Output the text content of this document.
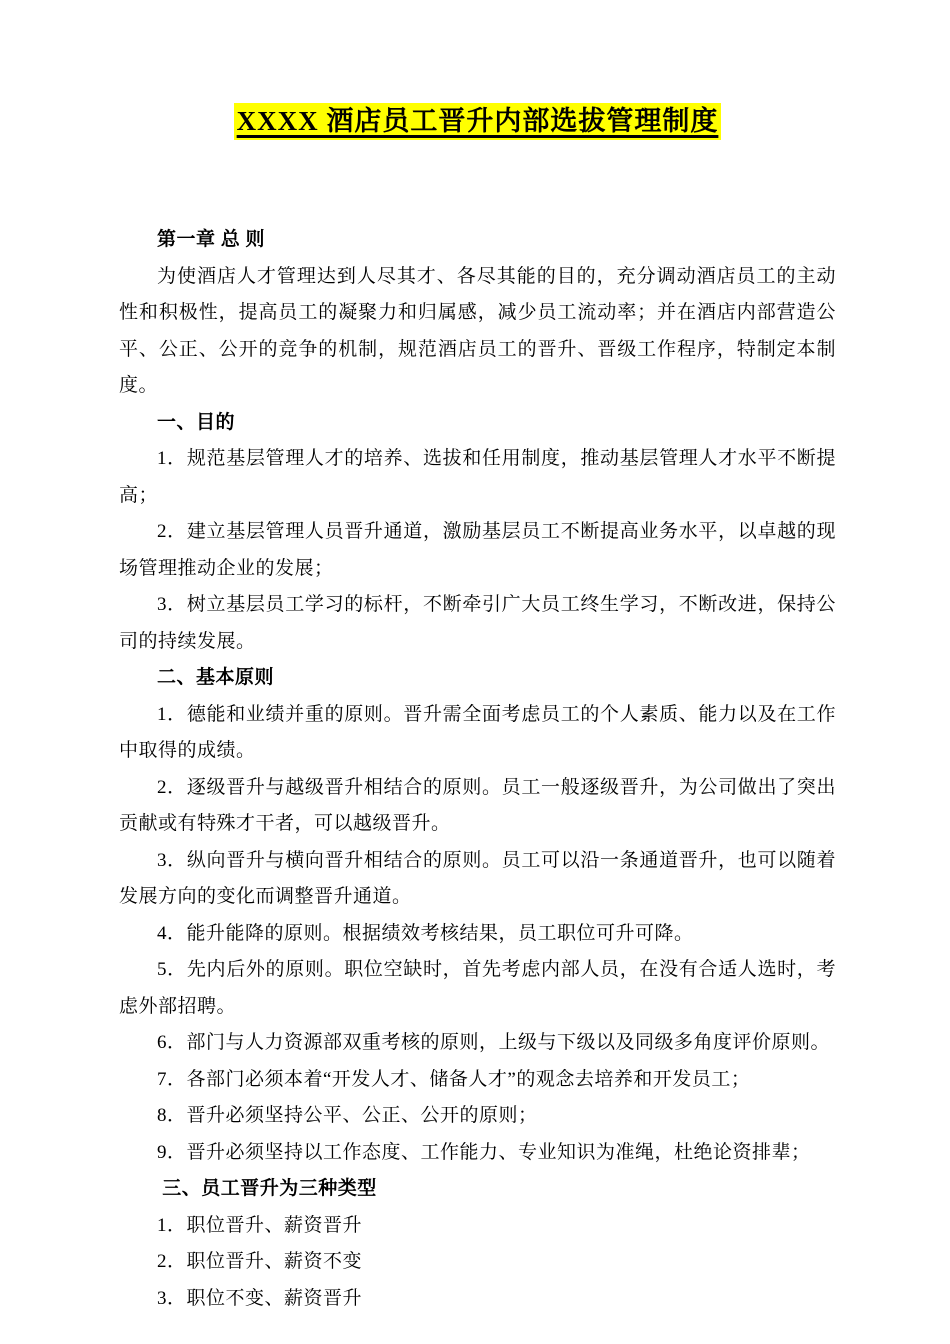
XXXX 酒店员工晋升内部选拔管理制度

第一章 总 则

为使酒店人才管理达到人尽其才、各尽其能的目的，充分调动酒店员工的主动性和积极性，提高员工的凝聚力和归属感，减少员工流动率；并在酒店内部营造公平、公正、公开的竞争的机制，规范酒店员工的晋升、晋级工作程序，特制定本制度。

一、目的

1．规范基层管理人才的培养、选拔和任用制度，推动基层管理人才水平不断提高；

2．建立基层管理人员晋升通道，激励基层员工不断提高业务水平，以卓越的现场管理推动企业的发展；

3．树立基层员工学习的标杆，不断牵引广大员工终生学习，不断改进，保持公司的持续发展。

二、基本原则

1．德能和业绩并重的原则。晋升需全面考虑员工的个人素质、能力以及在工作中取得的成绩。

2．逐级晋升与越级晋升相结合的原则。员工一般逐级晋升，为公司做出了突出贡献或有特殊才干者，可以越级晋升。

3．纵向晋升与横向晋升相结合的原则。员工可以沿一条通道晋升，也可以随着发展方向的变化而调整晋升通道。

4．能升能降的原则。根据绩效考核结果，员工职位可升可降。

5．先内后外的原则。职位空缺时，首先考虑内部人员，在没有合适人选时，考虑外部招聘。

6．部门与人力资源部双重考核的原则，上级与下级以及同级多角度评价原则。

7．各部门必须本着“开发人才、储备人才”的观念去培养和开发员工；

8．晋升必须坚持公平、公正、公开的原则；

9．晋升必须坚持以工作态度、工作能力、专业知识为准绳，杜绝论资排辈；

三、员工晋升为三种类型

1．职位晋升、薪资晋升

2．职位晋升、薪资不变

3．职位不变、薪资晋升
